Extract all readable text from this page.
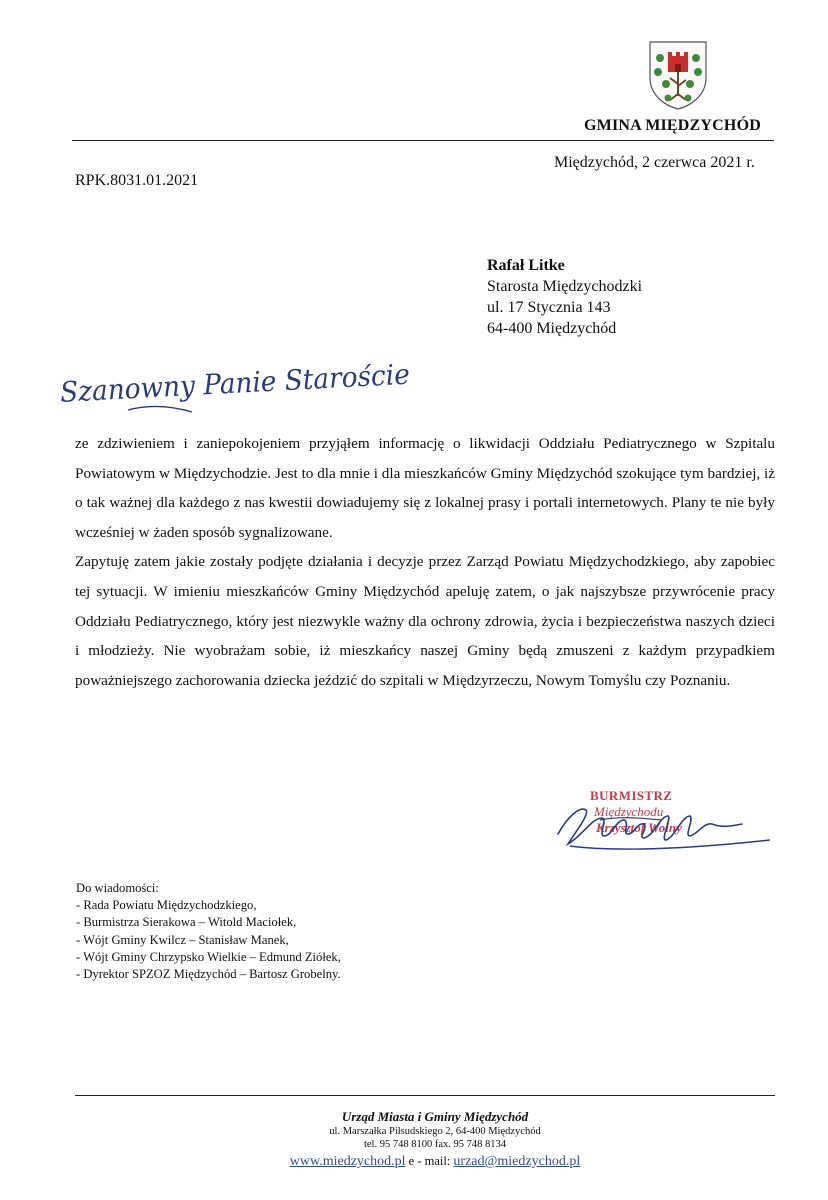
GMINA MIĘDZYCHÓD
Międzychód, 2 czerwca 2021 r.
RPK.8031.01.2021
Rafał Litke
Starosta Międzychodzki
ul. 17 Stycznia 143
64-400 Międzychód
Szanowny Panie Staroście

ze zdziwieniem i zaniepokojeniem przyjąłem informację o likwidacji Oddziału Pediatrycznego w Szpitalu Powiatowym w Międzychodzie. Jest to dla mnie i dla mieszkańców Gminy Międzychód szokujące tym bardziej, iż o tak ważnej dla każdego z nas kwestii dowiadujemy się z lokalnej prasy i portali internetowych. Plany te nie były wcześniej w żaden sposób sygnalizowane.

Zapytuję zatem jakie zostały podjęte działania i decyzje przez Zarząd Powiatu Międzychodzkiego, aby zapobiec tej sytuacji. W imieniu mieszkańców Gminy Międzychód apeluję zatem, o jak najszybsze przywrócenie pracy Oddziału Pediatrycznego, który jest niezwykle ważny dla ochrony zdrowia, życia i bezpieczeństwa naszych dzieci i młodzieży. Nie wyobrażam sobie, iż mieszkańcy naszej Gminy będą zmuszeni z każdym przypadkiem poważniejszego zachorowania dziecka jeździć do szpitali w Międzyrzeczu, Nowym Tomyślu czy Poznaniu.

BURMISTRZ
Międzychodu
Krzysztof Wolny
Do wiadomości:
- Rada Powiatu Międzychodzkiego,
- Burmistrza Sierakowa – Witold Maciołek,
- Wójt Gminy Kwilcz – Stanisław Manek,
- Wójt Gminy Chrzypsko Wielkie – Edmund Ziółek,
- Dyrektor SPZOZ Międzychód – Bartosz Grobelny.
Urząd Miasta i Gminy Międzychód
ul. Marszałka Piłsudskiego 2, 64-400 Międzychód
tel. 95 748 8100 fax. 95 748 8134
www.miedzychod.pl e - mail: urzad@miedzychod.pl
